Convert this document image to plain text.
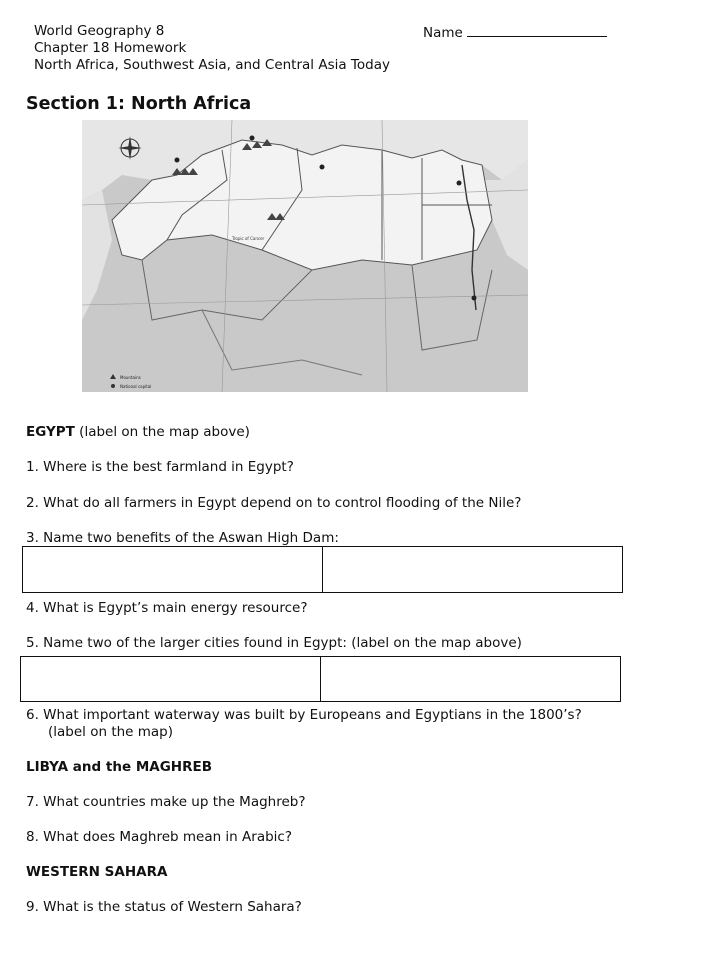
World Geography 8
Chapter 18 Homework
North Africa, Southwest Asia, and Central Asia Today
Name
Section 1: North Africa
Mountains
National capital
Tropic of Cancer
EGYPT (label on the map above)
1. Where is the best farmland in Egypt?
2. What do all farmers in Egypt depend on to control flooding of the Nile?
3. Name two benefits of the Aswan High Dam:
4. What is Egypt’s main energy resource?
5. Name two of the larger cities found in Egypt: (label on the map above)
6. What important waterway was built by Europeans and Egyptians in the 1800’s?
(label on the map)
LIBYA and the MAGHREB
7. What countries make up the Maghreb?
8. What does Maghreb mean in Arabic?
WESTERN SAHARA
9. What is the status of Western Sahara?
